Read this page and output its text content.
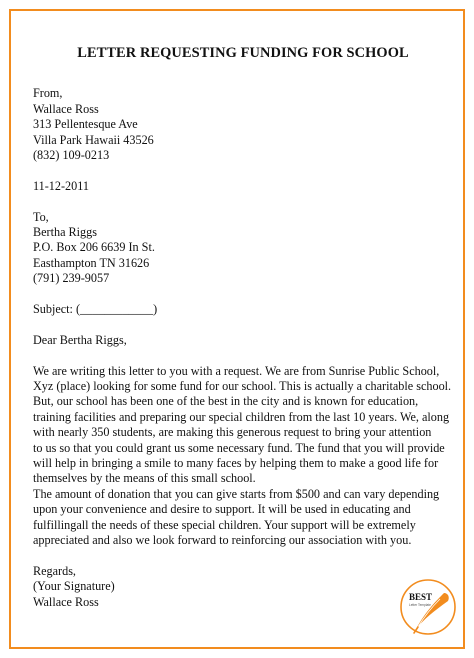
LETTER REQUESTING FUNDING FOR SCHOOL
From,
Wallace Ross
313 Pellentesque Ave
Villa Park Hawaii 43526
(832) 109-0213
11-12-2011
To,
Bertha Riggs
P.O. Box 206 6639 In St.
Easthampton TN 31626
(791) 239-9057
Subject: (____________)
Dear Bertha Riggs,
We are writing this letter to you with a request. We are from Sunrise Public School,
Xyz (place) looking for some fund for our school. This is actually a charitable school.
But, our school has been one of the best in the city and is known for education,
training facilities and preparing our special children from the last 10 years. We, along
with nearly 350 students, are making this generous request to bring your attention
to us so that you could grant us some necessary fund. The fund that you will provide
will help in bringing a smile to many faces by helping them to make a good life for
themselves by the means of this small school.
The amount of donation that you can give starts from $500 and can vary depending
upon your convenience and desire to support. It will be used in educating and
fulfillingall the needs of these special children. Your support will be extremely
appreciated and also we look forward to reinforcing our association with you.
Regards,
(Your Signature)
Wallace Ross	BEST
Letter Template
